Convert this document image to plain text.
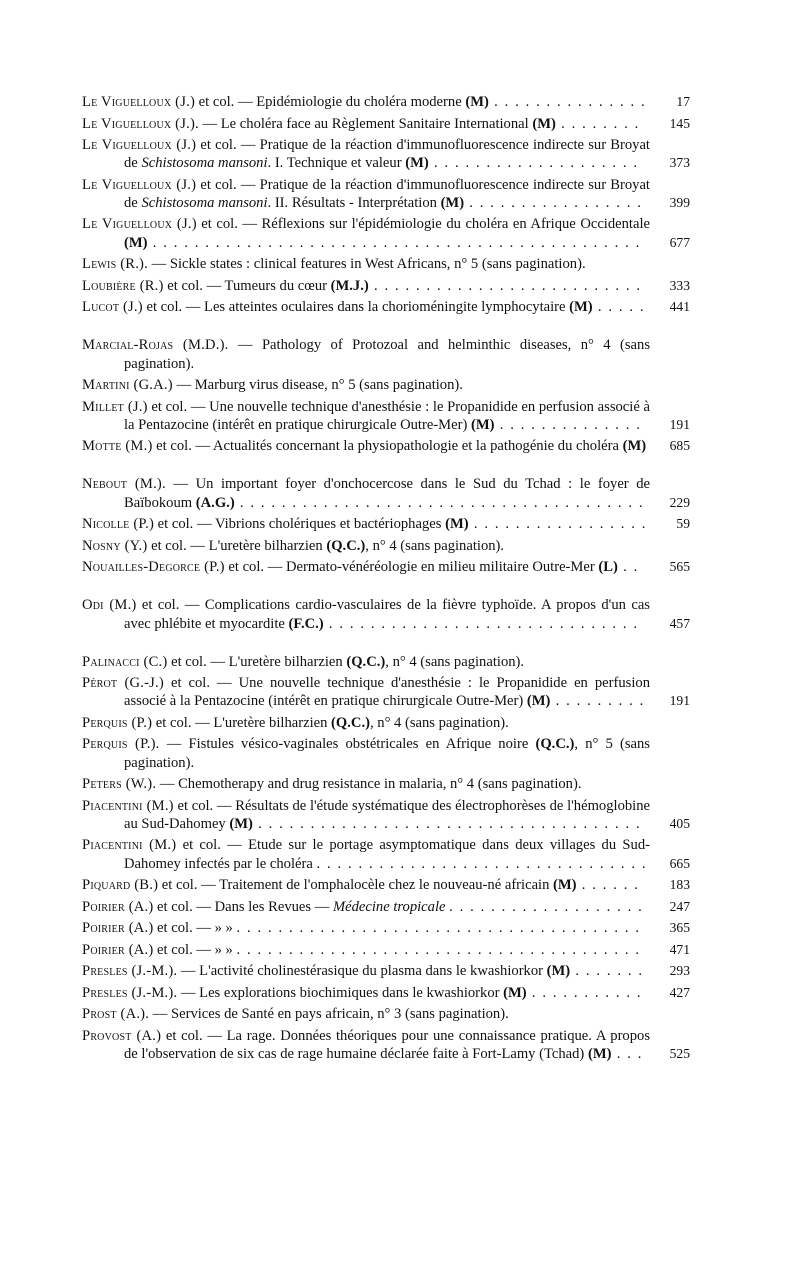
Le Viguelloux (J.) et col. — Epidémiologie du choléra moderne (M) . . . . . . . . . . . . . . .	17
Le Viguelloux (J.). — Le choléra face au Règlement Sanitaire International (M) . . . . . . . .	145
Le Viguelloux (J.) et col. — Pratique de la réaction d'immunofluorescence indirecte sur Broyat de Schistosoma mansoni. I. Technique et valeur (M) . . . . . . . . . . . . . . . . . . . .	373
Le Viguelloux (J.) et col. — Pratique de la réaction d'immunofluorescence indirecte sur Broyat de Schistosoma mansoni. II. Résultats - Interprétation (M) . . . . . . . . . . . . . . . . .	399
Le Viguelloux (J.) et col. — Réflexions sur l'épidémiologie du choléra en Afrique Occidentale (M) . . . . . . . . . . . . . . . . . . . . . . . . . . . . . . . . . . . . . . . . . . . . . . .	677
Lewis (R.). — Sickle states : clinical features in West Africans, n° 5 (sans pagination).
Loubière (R.) et col. — Tumeurs du cœur (M.J.) . . . . . . . . . . . . . . . . . . . . . . . . . .	333
Lucot (J.) et col. — Les atteintes oculaires dans la chorioméningite lymphocytaire (M) . . . . .	441
Marcial-Rojas (M.D.). — Pathology of Protozoal and helminthic diseases, n° 4 (sans pagination).
Martini (G.A.) — Marburg virus disease, n° 5 (sans pagination).
Millet (J.) et col. — Une nouvelle technique d'anesthésie : le Propanidide en perfusion associé à la Pentazocine (intérêt en pratique chirurgicale Outre-Mer) (M) . . . . . . . . . . . . . .	191
Motte (M.) et col. — Actualités concernant la physiopathologie et la pathogénie du choléra (M)	685
Nebout (M.). — Un important foyer d'onchocercose dans le Sud du Tchad : le foyer de Baïbokoum (A.G.) . . . . . . . . . . . . . . . . . . . . . . . . . . . . . . . . . . . . . . .	229
Nicolle (P.) et col. — Vibrions cholériques et bactériophages (M) . . . . . . . . . . . . . . . . .	59
Nosny (Y.) et col. — L'uretère bilharzien (Q.C.), n° 4 (sans pagination).
Nouailles-Degorce (P.) et col. — Dermato-vénéréologie en milieu militaire Outre-Mer (L) . .	565
Odi (M.) et col. — Complications cardio-vasculaires de la fièvre typhoïde. A propos d'un cas avec phlébite et myocardite (F.C.) . . . . . . . . . . . . . . . . . . . . . . . . . . . . . .	457
Palinacci (C.) et col. — L'uretère bilharzien (Q.C.), n° 4 (sans pagination).
Pérot (G.-J.) et col. — Une nouvelle technique d'anesthésie : le Propanidide en perfusion associé à la Pentazocine (intérêt en pratique chirurgicale Outre-Mer) (M) . . . . . . . . .	191
Perquis (P.) et col. — L'uretère bilharzien (Q.C.), n° 4 (sans pagination).
Perquis (P.). — Fistules vésico-vaginales obstétricales en Afrique noire (Q.C.), n° 5 (sans pagination).
Peters (W.). — Chemotherapy and drug resistance in malaria, n° 4 (sans pagination).
Piacentini (M.) et col. — Résultats de l'étude systématique des électrophorèses de l'hémoglobine au Sud-Dahomey (M) . . . . . . . . . . . . . . . . . . . . . . . . . . . . . . . . . . . . .	405
Piacentini (M.) et col. — Etude sur le portage asymptomatique dans deux villages du Sud-Dahomey infectés par le choléra . . . . . . . . . . . . . . . . . . . . . . . . . . . . . . . .	665
Piquard (B.) et col. — Traitement de l'omphalocèle chez le nouveau-né africain (M) . . . . . .	183
Poirier (A.) et col. — Dans les Revues — Médecine tropicale . . . . . . . . . . . . . . . . . . .	247
Poirier (A.) et col. — » » . . . . . . . . . . . . . . . . . . . . . . . . . . . . . . . . . . . . . . .	365
Poirier (A.) et col. — » » . . . . . . . . . . . . . . . . . . . . . . . . . . . . . . . . . . . . . . .	471
Presles (J.-M.). — L'activité cholinestérasique du plasma dans le kwashiorkor (M) . . . . . . .	293
Presles (J.-M.). — Les explorations biochimiques dans le kwashiorkor (M) . . . . . . . . . . .	427
Prost (A.). — Services de Santé en pays africain, n° 3 (sans pagination).
Provost (A.) et col. — La rage. Données théoriques pour une connaissance pratique. A propos de l'observation de six cas de rage humaine déclarée faite à Fort-Lamy (Tchad) (M) . . .	525
